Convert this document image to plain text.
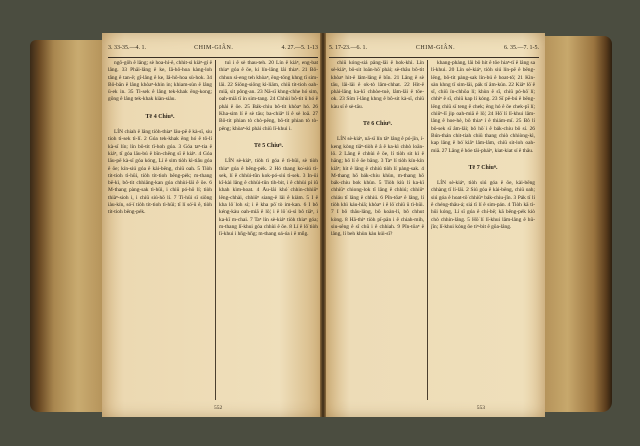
3. 33-35.—4. 1.	CHIM-GIÂN.	4. 27.—5. 1-13

ngō-gōh ê lâng; sè hoa-hí-ê, chhit-sì kiàⁿ-gí ê lâng. 33 Phāi-lâng ê ke, Iâ-hô-hoa kàng-loh tâng ê tan-ê; gî-lâng ê ke, Iâ-hô-hoa sù-hok. 34 Bô-bān ê lâng khòaⁿ-khin in; khiam-sùn ê lâng ū-ek in. 35 Tì-sek ê lâng tek-khak ēng-kong; gōng ê lâng tek-khak kiàn-siàu.

Tē 4 Chiuⁿ.

LÍN chiah ê lâng tiòh-thiaⁿ lāu-pē ê kà-sī, siu tioh tì-sek tì-lī. 2 Góa tek-khak ēng hó ê tō-lí kà-sī lín; lín bô-tit tī-hoh góa. 3 Góa taⁿ-tia ê kiáⁿ, tī góa lāu-bú ê bīn-chêng sī ê kiáⁿ. 4 Góa lāu-pē kà-sī góa kóng, Lí ê sim tiòh kì-tiâu góa ê ōe; kín-siú góa ê kài-bēng, chiū oah. 5 Tiòh tit-tioh tì-hūi, tiòh tit-tioh bêng-pėk; m-thang bē-kì, bô-tit chhiâng-kan góa chhùi-lāi ê ōe. 6 M-thang pàng-sak tì-hūi, i chiū pó-hō lí; tiòh thiàⁿ-sioh i, i chiū siú-hō lí. 7 Tì-hūi sī siōng iàu-kín, só͘-í tiòh tit-tioh tì-hūi; tī lí só͘-ū ê, tiòh tit-tioh bêng-pėk.

tuì i ê sè thau-teh. 20 Lín ê kiáⁿ, eng-bat thiaⁿ góa ê ōe, ki lín-lâng lâi thiaⁿ. 21 Bô-chhun sì-eng teh khòaⁿ, ēng-tōng khng tī sim-lāi. 22 Siōng-siōng kì-liām, chiū tit-tioh oah-miā, sit pông-an. 23 Nā-sī khng-chhe hó sim, oah-miā tī in sim-tang. 24 Chhùi bô-tit ū hó ê phài ê ōe. 25 Bák-chiu bô-tit khòaⁿ hó. 26 Kha-sim lí ê sè tāu; ba-chiâⁿ lí ê sè loā. 27 Bô-tit phian tò chò-pêng, bô-tit phian tò tò-pêng; khòaⁿ-kì phài chiū lī-khui i.

Tē 5 Chiuⁿ.

LÍN sè-kiáⁿ, tiòh tì góa ê tì-hūi, sè tiòh thiaⁿ góa ê bêng-pėk. 2 Hó thang ko͘-siú tì-sek, lí ê chhùi-tûn kok-pó-siú tì-sek. 3 In-ūi kî-kài lâng ê chhùi-tûn tih-bit, i ê chhùi pí iû khah kìm-hoat. 4 Āu-lâi khó͘ chhin-chhiūⁿ lêng-chhài, chhiūⁿ siang-ê lâi ê kiàm. 5 I ê kha lô͘ loh sí; i ê kha pō͘ tò im-kan. 6 I bô kéng-kàu oah-miā ê lō͘; i ê lō͘ sì-sì bô tiāⁿ, i ka-kī m-chai. 7 Taⁿ lín sè-kiáⁿ tiòh thiaⁿ góa; m-thang lī-khui góa chhùi ê ōe. 8 Lí ê lō͘ tiòh lī-khui i hn̄g-hn̄g; m-thang oá-óa i ê mn̂g.

552
5. 17-23.—6. 1.	CHIM-GIÂN.	6. 35.—7. 1-5.

chiū kóng-siá pâng-lāi ê hok-khì. Lín sè-kiáⁿ, bô-sit loān-hō͘ phài; sè-thâu bô-tit khòaⁿ hit-ê lâm-lâng ê bīn. 21 Lâng ê sè tāu, lâi-lāi ê ok-tò lâm-chhat. 22 Hit-ê phài-lâng ka-kī chhòe-tuè, lâm-lāi ê tōe-ok. 23 Sím ī-lâng khng ê bô-sit kà-sī, chiū kàu sí ê sè-tāu.

Tē 6 Chiuⁿ.

LÍN sè-kiáⁿ, nā-sī lín tāⁿ lâng ê pó-jīn, í-keng kòng tiāⁿ-tiòh ê â ê ka-kì chhò loān-lō. 2 Lâng ê chhùi ê ōe, lí tiòh sit kì ê hāng; hō lí ê ōe bāng. 3 Taⁿ lí tiòh kín-kín kiâⁿ; hit ê lâng ê chhiú tiòh lí pàng-sak. 4 M-thang hō bák-chiu khùn, m-thang hō bák-chiu bok khùn. 5 Tiòh kiù lí ka-kī chhiūⁿ chiong-lok tī lâng ê chhiú; chhiūⁿ chiáu tī lâng ê chhiú. 6 Pîn-tōaⁿ ê lâng, lí tiòh khì káu-hiā; khòaⁿ i ê lō͘ chiū ū tì-hūi. 7 I bô thâu-lâng, bô koàn-lí, bô chhut kòng. 8 Hā-thiⁿ tiòh pī-pān i ê chiah-mih, siu-sêng ê sî chū i ê chhiah. 9 Pîn-tōaⁿ ê lâng, lí beh khùn kàu kúi-sî?

khang-phàng, lâi bô hit ê tōe hiaⁿ-tī ê lâng sa lí-khui. 20 Lín sè-kiáⁿ, tiòh siú lín-pē ê bēng-lēng, bô-tit pàng-sak lín-bú ê hoat-tō͘; 21 Kìn-sàn khng tī sim-lāi, pák tī âm-kún. 22 Kiâⁿ lō͘ ê sî, chiū ín-chhōa lí; khùn ê sî, chiū pó-hō͘ lí; chhìⁿ ê sî, chiū kap lí kóng. 23 Sī pē-bú ê bēng-lēng chiū sī teng ê chek; ēng hó ê ōe chek-pī lí; chiūⁿ-lī jip oah-miā ê lō͘; 24 Hō͘ lí lī-khui lâm-lâng ê hoe-hè, bô thiaⁿ i ê thiám-mī. 25 Bô lí bô-sek sī âm-lāi; bô hō͘ i ê bák-chiu bô sí. 26 Bún-thán chit-tiah chiū thang chiò chhiòng-kì, kap lâng ê bó͘ kiâⁿ lâm-lâm, chiū sit-loh oah-miā. 27 Lâng ê hóe tāi-pháiⁿ, kiat-kiat sí ê thâu.

Tē 7 Chiuⁿ.

LÍN sè-kiáⁿ, tiòh siú góa ê ōe, kài-bēng chhàng tī lí-lāi. 2 Siú góa ê kài-bēng, chiū oah; siú góa ê hoat-tō͘ chhiūⁿ bák-chiu-jîn. 3 Pák tī lí ê chéng-thâu-á; siá tī lí ê sim-pán. 4 Tiòh kā tì-hūi kóng, Lí sī góa ê chí-bē; kā bêng-pėk kiò chò chhin-lâng. 5 Hō͘ lí lī-khui lâm-lâng ê hū-jîn; lī-khui kóng ōe tiⁿ-bit ê gōa-lâng.

553
